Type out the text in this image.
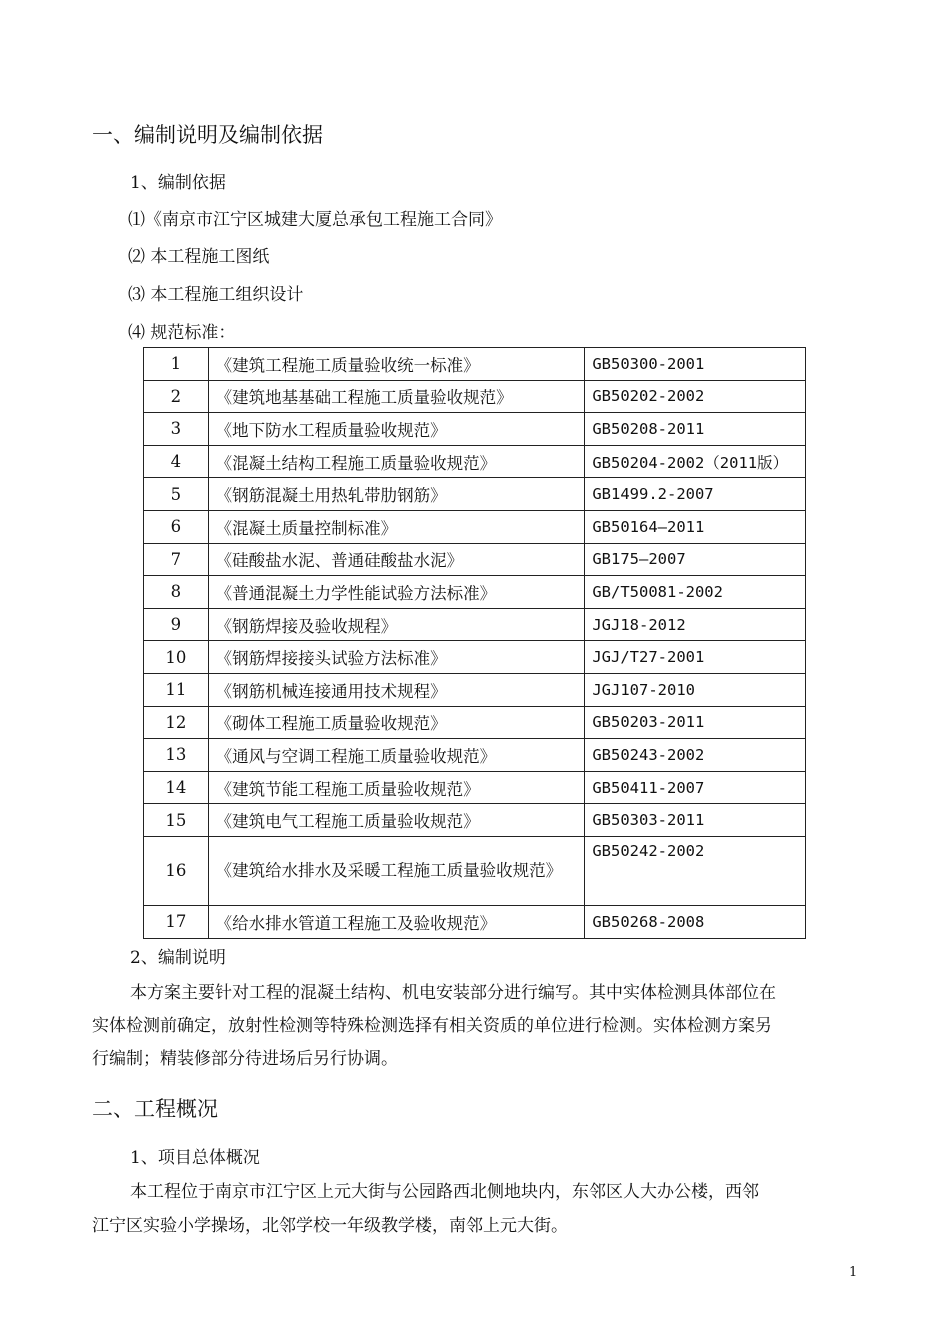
一、编制说明及编制依据
1、编制依据
⑴《南京市江宁区城建大厦总承包工程施工合同》
⑵ 本工程施工图纸
⑶ 本工程施工组织设计
⑷ 规范标准：
1	《建筑工程施工质量验收统一标准》	GB50300-2001
2	《建筑地基基础工程施工质量验收规范》	GB50202-2002
3	《地下防水工程质量验收规范》	GB50208-2011
4	《混凝土结构工程施工质量验收规范》	GB50204-2002（2011版）
5	《钢筋混凝土用热轧带肋钢筋》	GB1499.2-2007
6	《混凝土质量控制标准》	GB50164—2011
7	《硅酸盐水泥、普通硅酸盐水泥》	GB175—2007
8	《普通混凝土力学性能试验方法标准》	GB/T50081-2002
9	《钢筋焊接及验收规程》	JGJ18-2012
10	《钢筋焊接接头试验方法标准》	JGJ/T27-2001
11	《钢筋机械连接通用技术规程》	JGJ107-2010
12	《砌体工程施工质量验收规范》	GB50203-2011
13	《通风与空调工程施工质量验收规范》	GB50243-2002
14	《建筑节能工程施工质量验收规范》	GB50411-2007
15	《建筑电气工程施工质量验收规范》	GB50303-2011
16	《建筑给水排水及采暖工程施工质量验收规范》	GB50242-2002
17	《给水排水管道工程施工及验收规范》	GB50268-2008
2、编制说明
本方案主要针对工程的混凝土结构、机电安装部分进行编写。其中实体检测具体部位在
实体检测前确定，放射性检测等特殊检测选择有相关资质的单位进行检测。实体检测方案另
行编制；精装修部分待进场后另行协调。
二、工程概况
1、项目总体概况
本工程位于南京市江宁区上元大街与公园路西北侧地块内，东邻区人大办公楼，西邻
江宁区实验小学操场，北邻学校一年级教学楼，南邻上元大街。
1
